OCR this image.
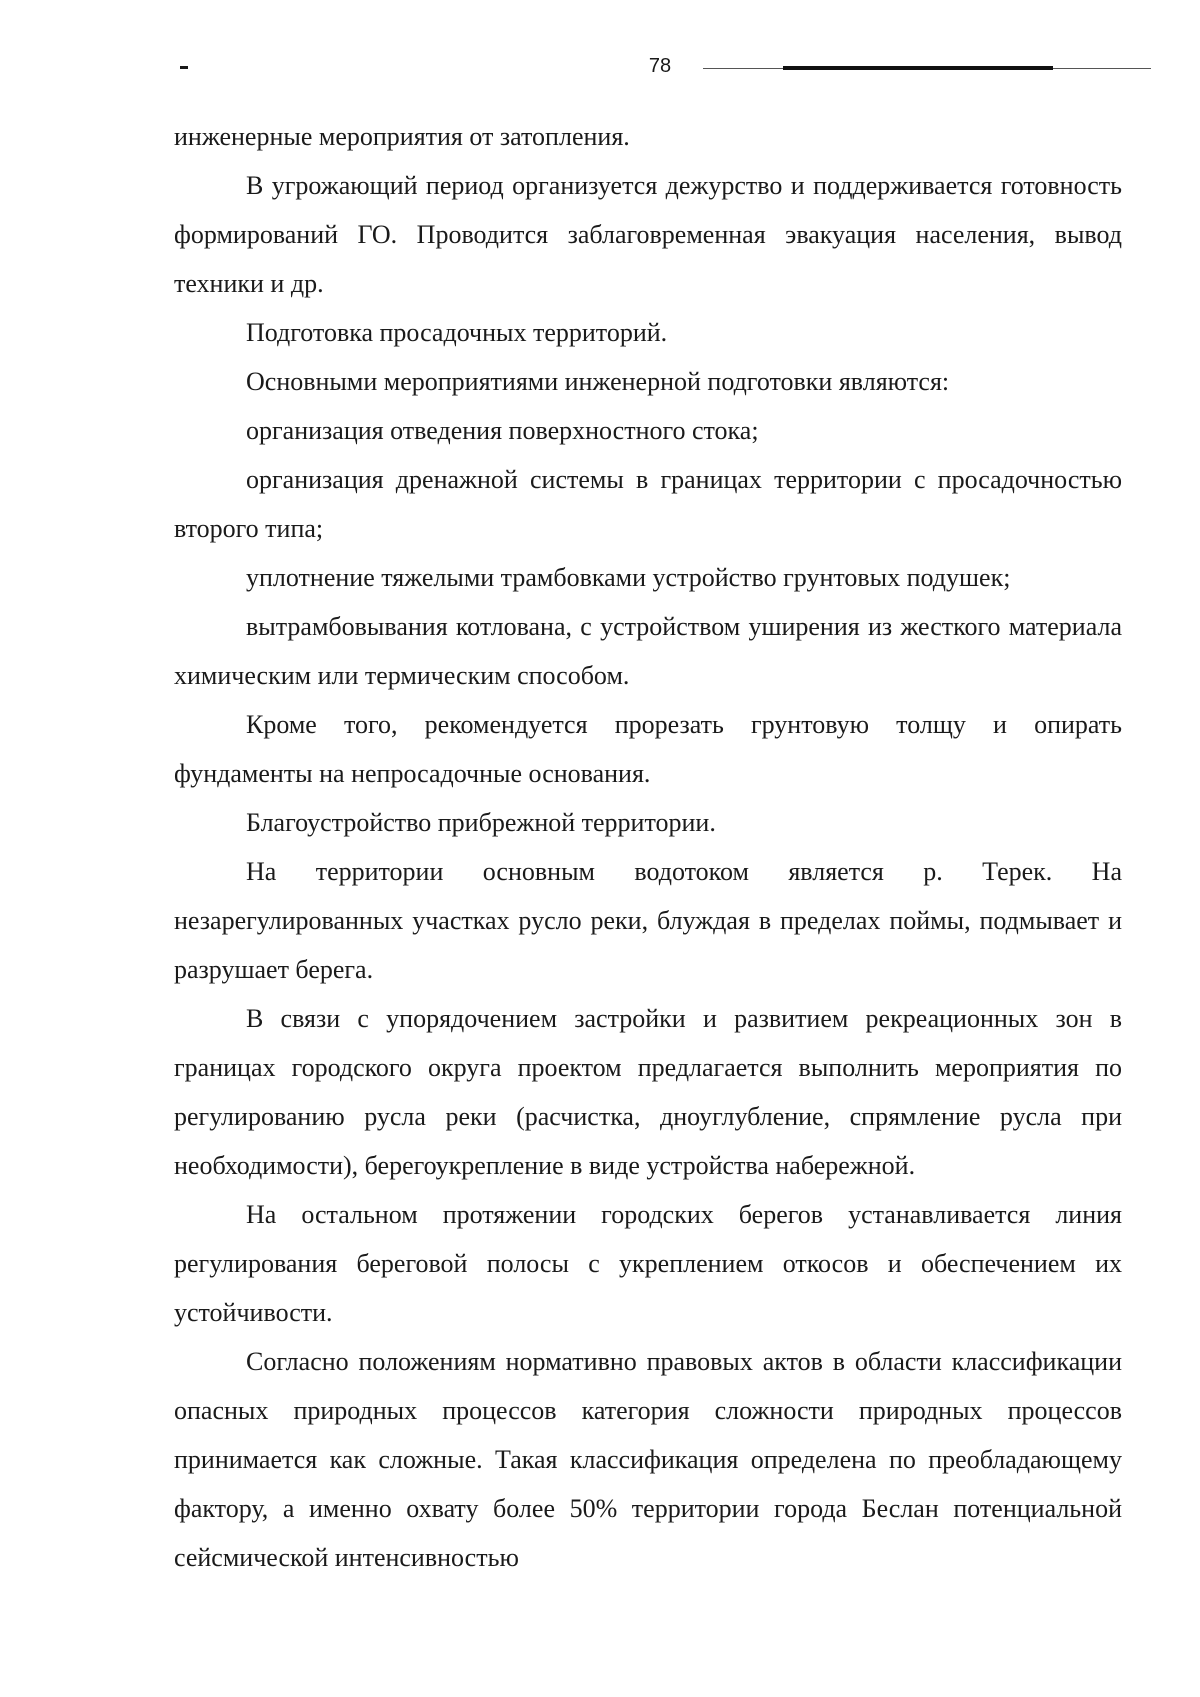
78

инженерные мероприятия от затопления.

В угрожающий период организуется дежурство и поддерживается готовность формирований ГО. Проводится заблаговременная эвакуация населения, вывод техники и др.

Подготовка просадочных территорий.

Основными мероприятиями инженерной подготовки являются:

организация отведения поверхностного стока;

организация дренажной системы в границах территории с просадочностью второго типа;

уплотнение тяжелыми трамбовками устройство грунтовых подушек;

вытрамбовывания котлована, с устройством уширения из жесткого материала химическим или термическим способом.

Кроме того, рекомендуется прорезать грунтовую толщу и опирать фундаменты на непросадочные основания.

Благоустройство прибрежной территории.

На территории основным водотоком является р. Терек. На незарегулированных участках русло реки, блуждая в пределах поймы, подмывает и разрушает берега.

В связи с упорядочением застройки и развитием рекреационных зон в границах городского округа проектом предлагается выполнить мероприятия по регулированию русла реки (расчистка, дноуглубление, спрямление русла при необходимости), берегоукрепление в виде устройства набережной.

На остальном протяжении городских берегов устанавливается линия регулирования береговой полосы с укреплением откосов и обеспечением их устойчивости.

Согласно положениям нормативно правовых актов в области классификации опасных природных процессов категория сложности природных процессов принимается как сложные. Такая классификация определена по преобладающему фактору, а именно охвату более 50% территории города Беслан потенциальной сейсмической интенсивностью
